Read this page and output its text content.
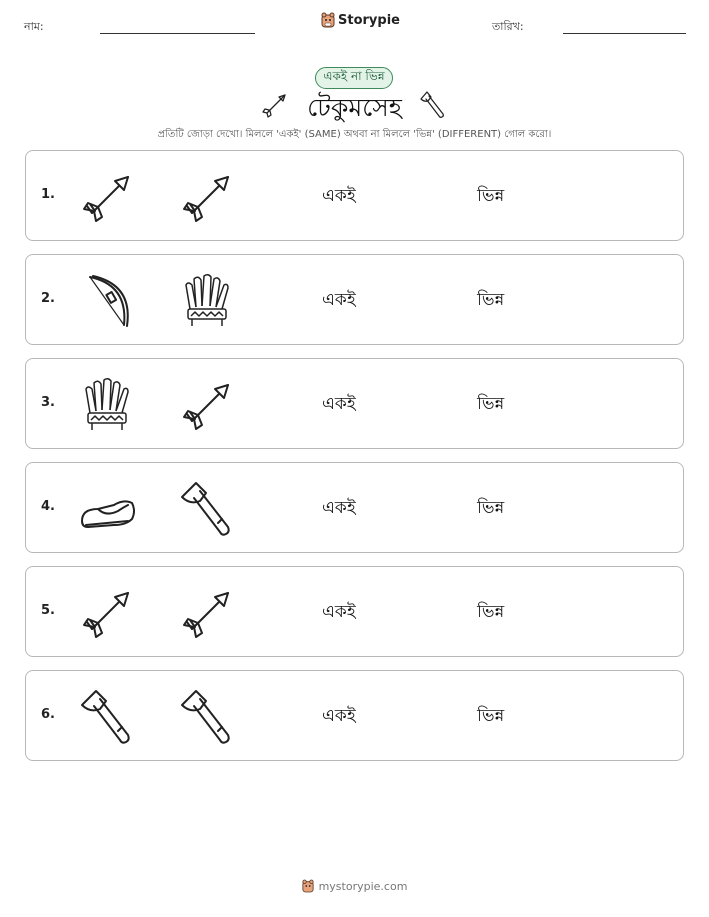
নাম:	Storypie	তারিখ:
একই না ভিন্ন
টেকুমসেহ
প্রতিটি জোড়া দেখো। মিললে 'একই' (SAME) অথবা না মিললে 'ভিন্ন' (DIFFERENT) গোল করো।
1.	একই	ভিন্ন
2.	একই	ভিন্ন
3.	একই	ভিন্ন
4.	একই	ভিন্ন
5.	একই	ভিন্ন
6.	একই	ভিন্ন
mystorypie.com
